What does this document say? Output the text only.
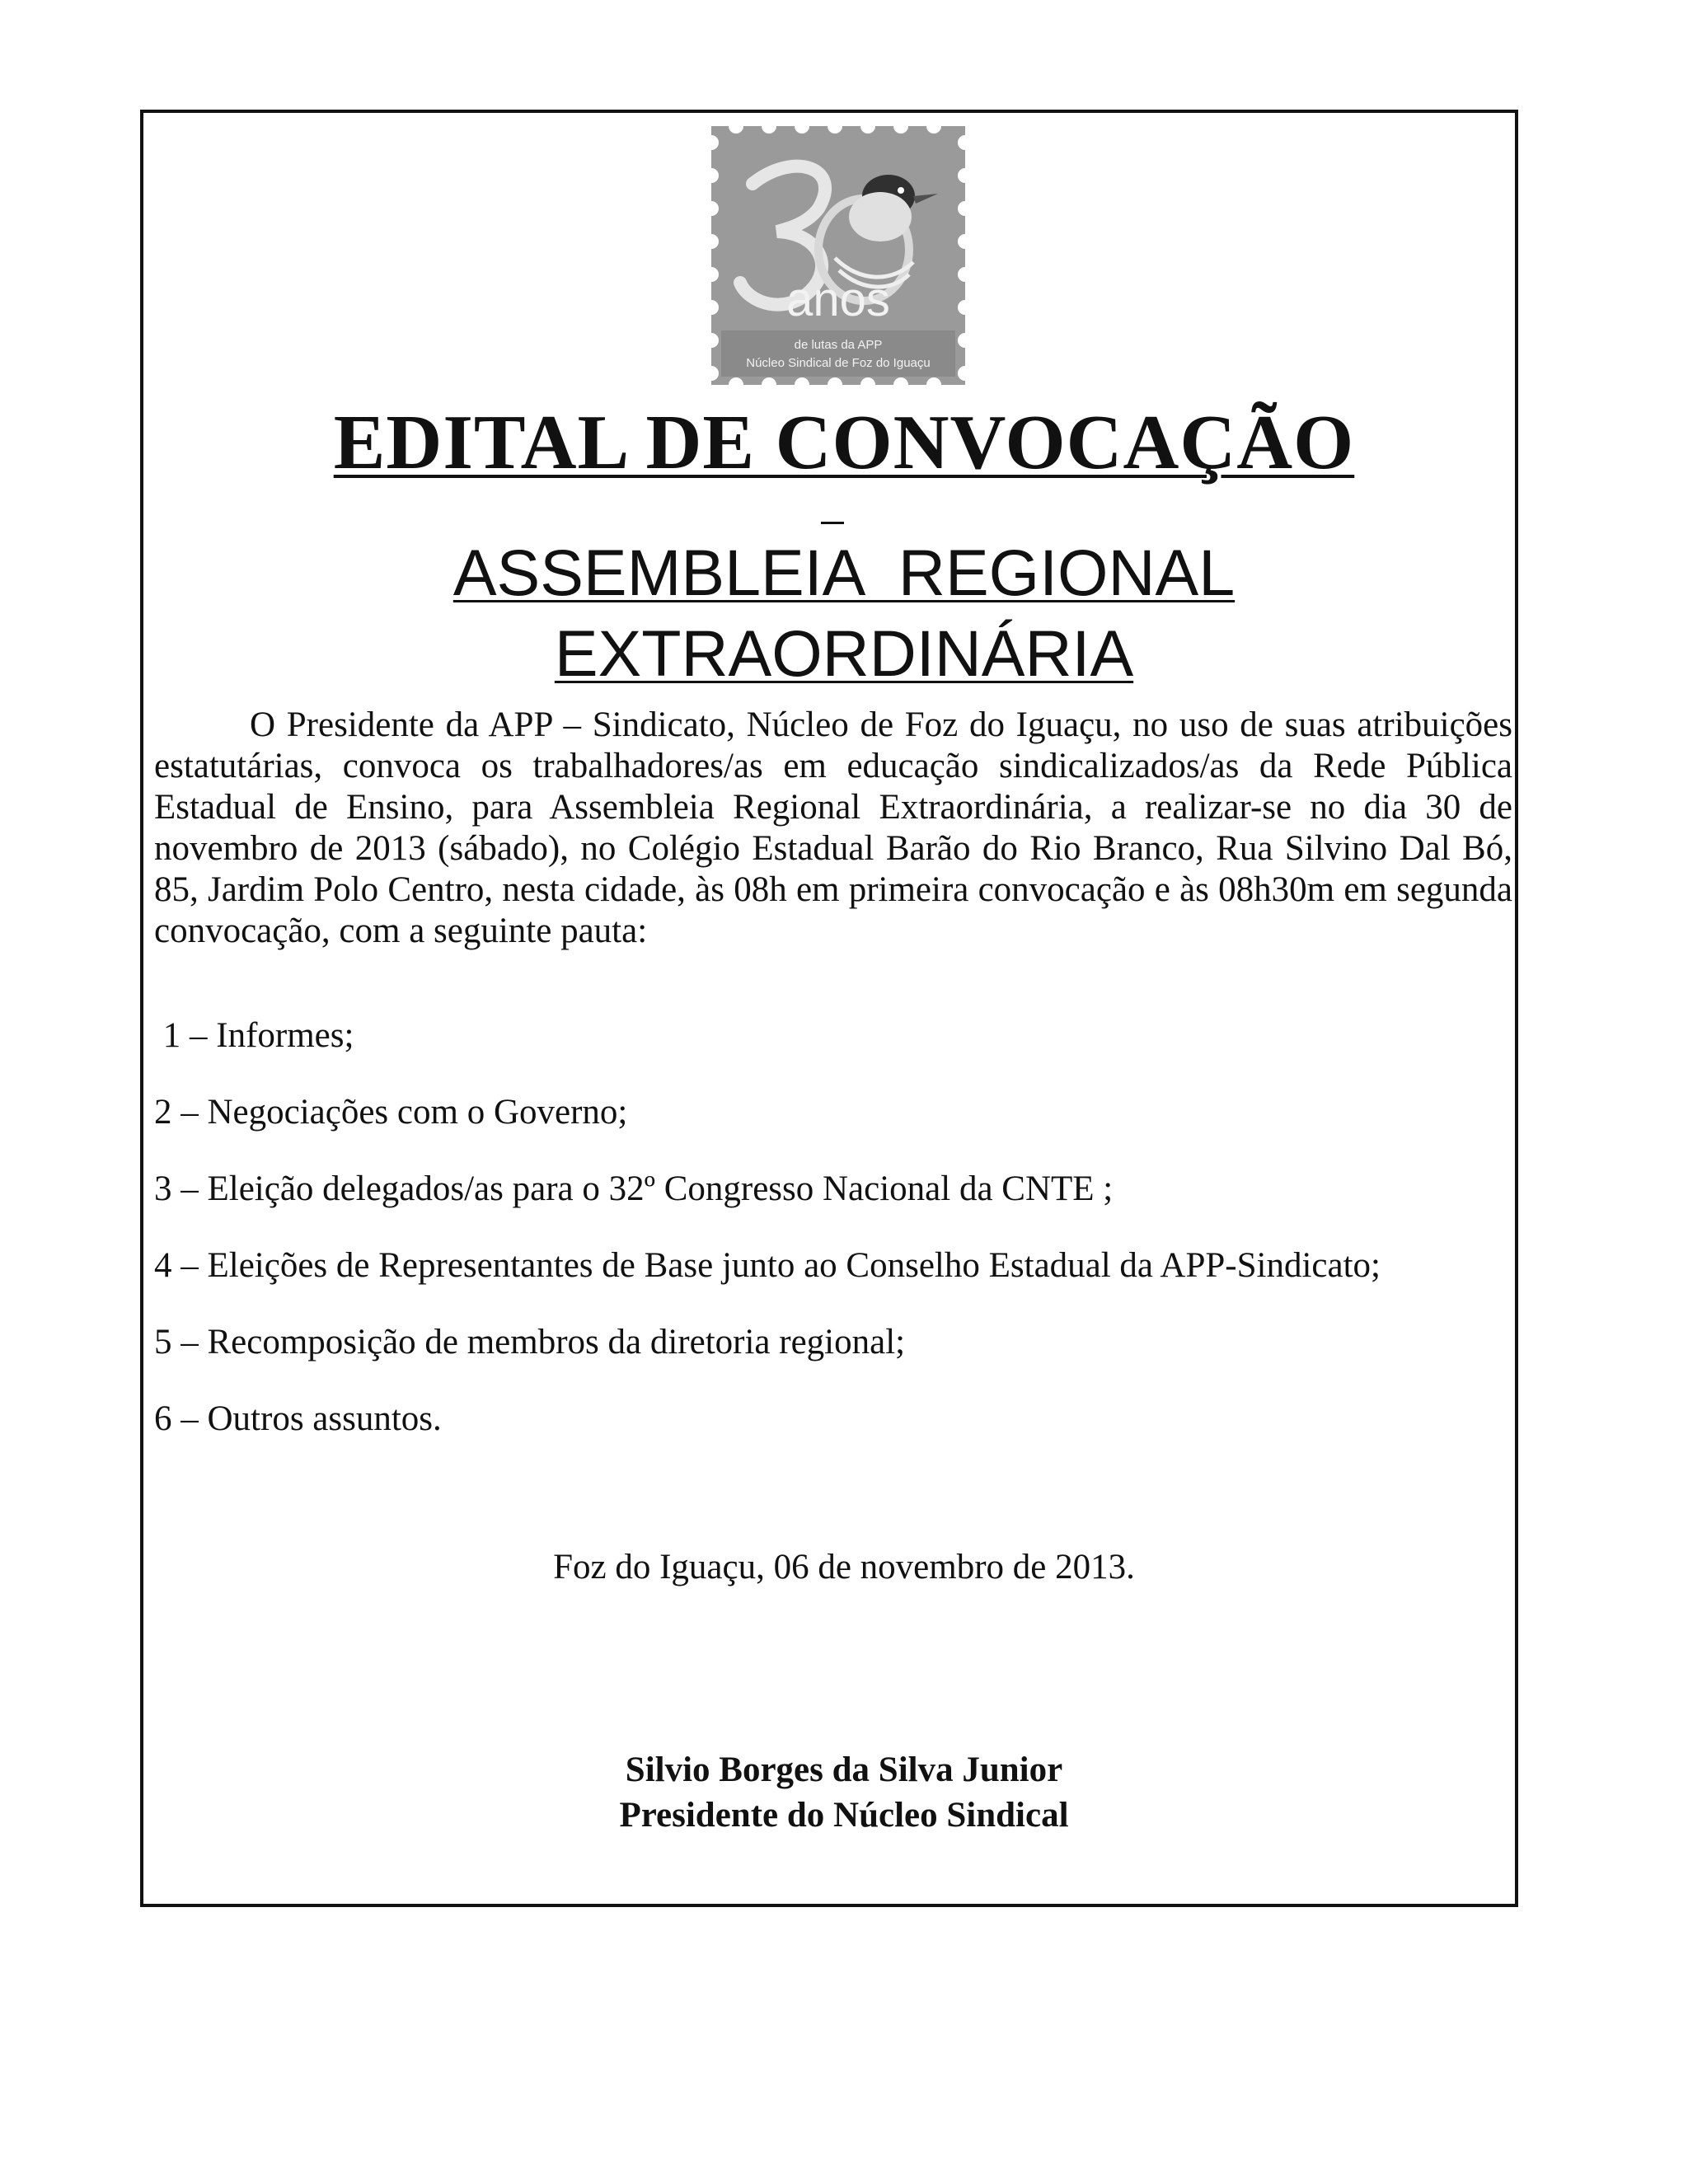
anos
de lutas da APP
Núcleo Sindical de Foz do Iguaçu
EDITAL DE CONVOCAÇÃO
ASSEMBLEIA  REGIONAL
EXTRAORDINÁRIA

O Presidente da APP – Sindicato, Núcleo de Foz do Iguaçu, no uso de suas atribuições estatutárias, convoca os trabalhadores/as em educação sindicalizados/as da Rede Pública Estadual de Ensino, para Assembleia Regional Extraordinária, a realizar-se no dia 30 de novembro de 2013 (sábado), no Colégio Estadual Barão do Rio Branco, Rua Silvino Dal Bó, 85, Jardim Polo Centro, nesta cidade, às 08h em primeira convocação e às 08h30m em segunda convocação, com a seguinte pauta:

1 – Informes;

2 – Negociações com o Governo;

3 – Eleição delegados/as para o 32º Congresso Nacional da CNTE ;

4 – Eleições de Representantes de Base junto ao Conselho Estadual da APP-Sindicato;

5 – Recomposição de membros da diretoria regional;

6 – Outros assuntos.

Foz do Iguaçu, 06 de novembro de 2013.
Silvio Borges da Silva Junior
Presidente do Núcleo Sindical
